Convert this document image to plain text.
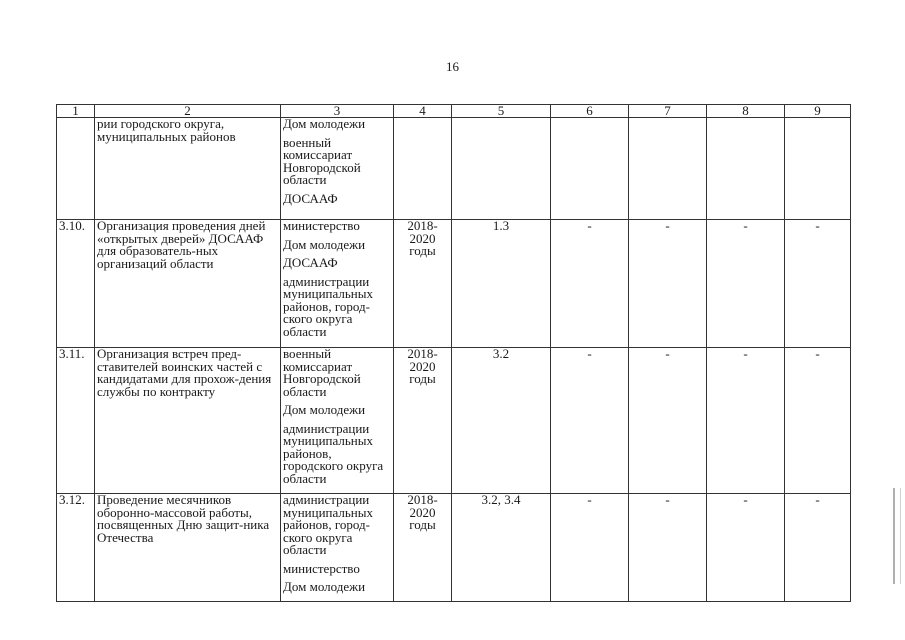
16
1	2	3	4	5	6	7	8	9
	рии городского округа, муниципальных районов	Дом молодежи
военный комиссариат Новгородской области
ДОСААФ						

3.10.	Организация проведения дней «открытых дверей» ДОСААФ для образователь-ных организаций области	министерство
Дом молодежи
ДОСААФ
администрации муниципальных районов, город-ского округа области	2018-2020 годы	1.3	-	-	-	-
3.11.	Организация встреч пред-ставителей воинских частей с кандидатами для прохож-дения службы по контракту	военный комиссариат Новгородской области
Дом молодежи
администрации муниципальных районов, городского округа области	2018-2020 годы	3.2	-	-	-	-
3.12.	Проведение месячников оборонно-массовой работы, посвященных Дню защит-ника Отечества	администрации муниципальных районов, город-ского округа области
министерство
Дом молодежи	2018-2020 годы	3.2, 3.4	-	-	-	-
